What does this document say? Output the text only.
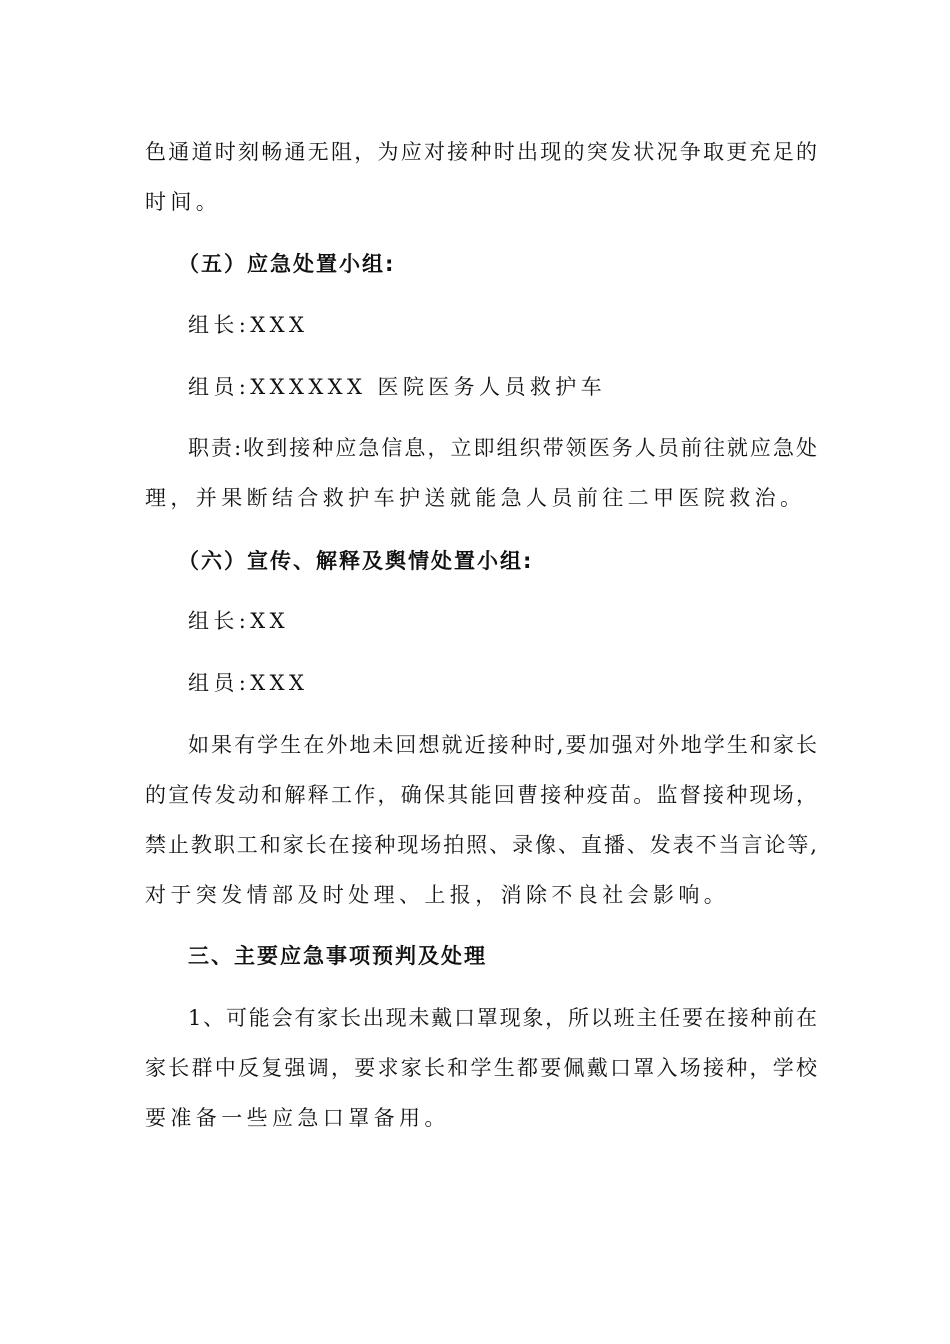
色通道时刻畅通无阻，为应对接种时出现的突发状况争取更充足的
时间。
（五）应急处置小组:
组长:XXX
组员:XXXXXX 医院医务人员救护车
职责:收到接种应急信息，立即组织带领医务人员前往就应急处
理，并果断结合救护车护送就能急人员前往二甲医院救治。
（六）宣传、解释及舆情处置小组:
组长:XX
组员:XXX
如果有学生在外地未回想就近接种时,要加强对外地学生和家长
的宣传发动和解释工作，确保其能回曹接种疫苗。监督接种现场，
禁止教职工和家长在接种现场拍照、录像、直播、发表不当言论等,
对于突发情部及时处理、上报，消除不良社会影响。
三、主要应急事项预判及处理
1、可能会有家长出现未戴口罩现象，所以班主任要在接种前在
家长群中反复强调，要求家长和学生都要佩戴口罩入场接种，学校
要准备一些应急口罩备用。
